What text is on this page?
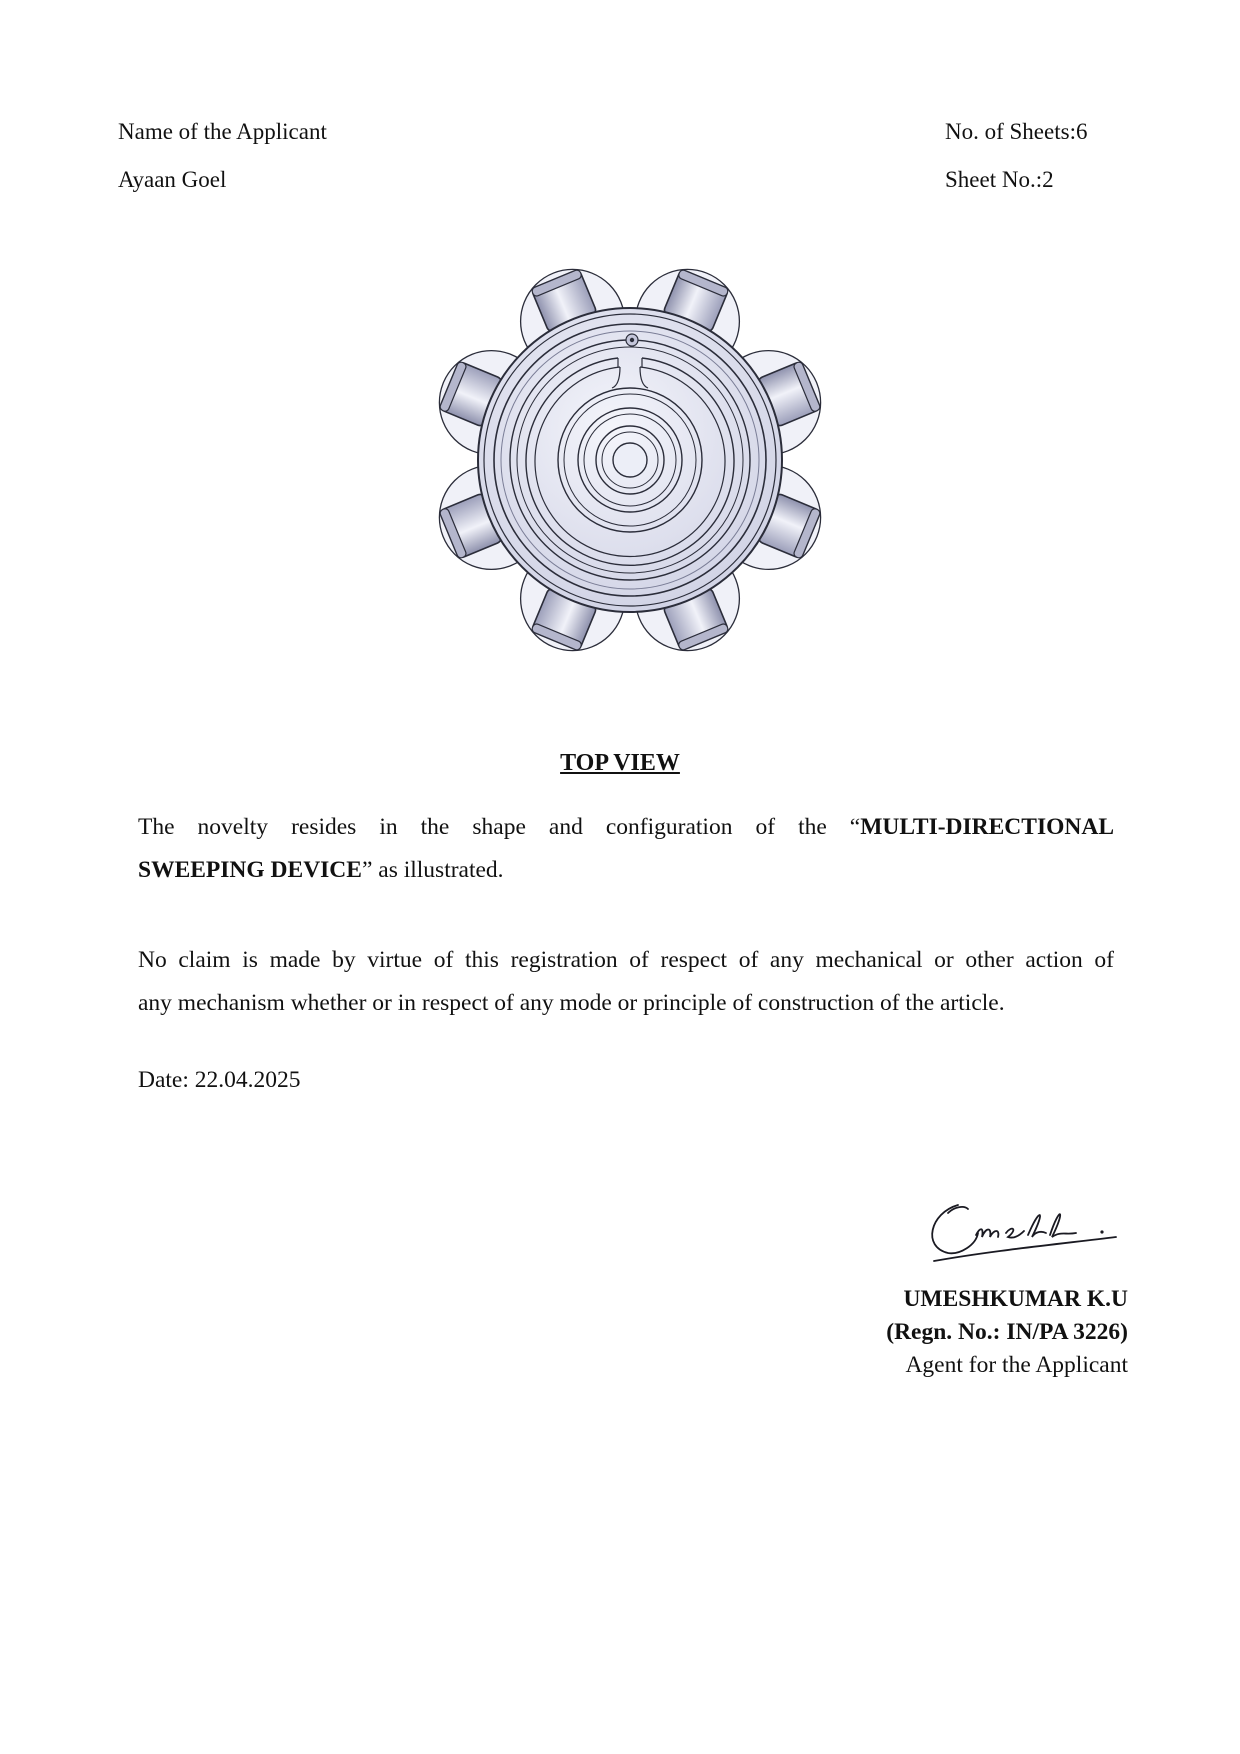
Name of the Applicant
Ayaan Goel
No. of Sheets:6
Sheet No.:2
TOP VIEW
The novelty resides in the shape and configuration of the “MULTI-DIRECTIONAL
SWEEPING DEVICE” as illustrated.
No claim is made by virtue of this registration of respect of any mechanical or other action of
any mechanism whether or in respect of any mode or principle of construction of the article.
Date: 22.04.2025
UMESHKUMAR K.U
(Regn. No.: IN/PA 3226)
Agent for the Applicant
